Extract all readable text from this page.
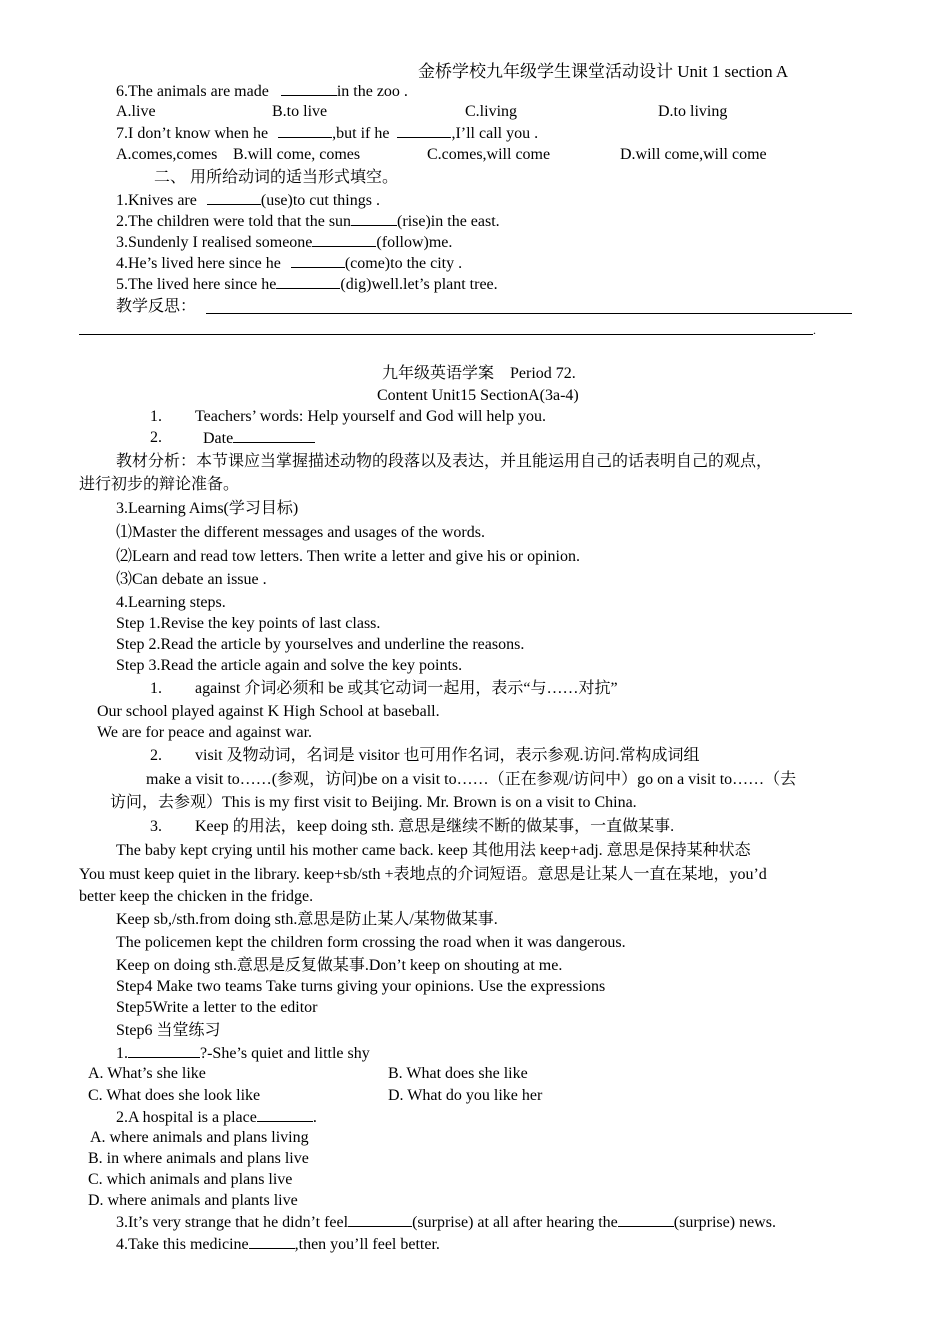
金桥学校九年级学生课堂活动设计 Unit 1 section A
6.The animals are made	in the zoo .
A.live	B.to live	C.living	D.to living
7.I don’t know when he	,but if he	,I’ll call you .
A.comes,comes B.will come, comes	C.comes,will come	D.will come,will come
二、 用所给动词的适当形式填空。
1.Knives are	(use)to cut things .
2.The children were told that the sun	(rise)in the east.
3.Sundenly I realised someone	(follow)me.
4.He’s lived here since he	(come)to the city .
5.The lived here since he	(dig)well.let’s plant tree.
教学反思：
.
九年级英语学案　Period 72.
Content Unit15 SectionA(3a-4)
1. Teachers’ words: Help yourself and God will help you.
2.	Date
教材分析：本节课应当掌握描述动物的段落以及表达，并且能运用自己的话表明自己的观点，
进行初步的辩论准备。
3.Learning Aims(学习目标)
⑴Master the different messages and usages of the words.
⑵Learn and read tow letters. Then write a letter and give his or opinion.
⑶Can debate an issue .
4.Learning steps.
Step 1.Revise the key points of last class.
Step 2.Read the article by yourselves and underline the reasons.
Step 3.Read the article again and solve the key points.
1. against 介词必须和 be 或其它动词一起用，表示“与……对抗”
Our school played against K High School at baseball.
We are for peace and against war.
2. visit 及物动词，名词是 visitor 也可用作名词，表示参观.访问.常构成词组
make a visit to……(参观，访问)be on a visit to……（正在参观/访问中）go on a visit to……（去
访问，去参观）This is my first visit to Beijing. Mr. Brown is on a visit to China.
3. Keep 的用法，keep doing sth. 意思是继续不断的做某事，一直做某事.
The baby kept crying until his mother came back. keep 其他用法 keep+adj. 意思是保持某种状态
You must keep quiet in the library. keep+sb/sth +表地点的介词短语。意思是让某人一直在某地，you’d
better keep the chicken in the fridge.
Keep sb,/sth.from doing sth.意思是防止某人/某物做某事.
The policemen kept the children form crossing the road when it was dangerous.
Keep on doing sth.意思是反复做某事.Don’t keep on shouting at me.
Step4 Make two teams Take turns giving your opinions. Use the expressions
Step5Write a letter to the editor
Step6 当堂练习
1.	?-She’s quiet and little shy
A. What’s she like	B. What does she like
C. What does she look like	D. What do you like her
2.A hospital is a place	.
A. where animals and plans living
B. in where animals and plans live
C. which animals and plans live
D. where animals and plants live
3.It’s very strange that he didn’t feel	(surprise) at all after hearing the	(surprise) news.
4.Take this medicine	,then you’ll feel better.
